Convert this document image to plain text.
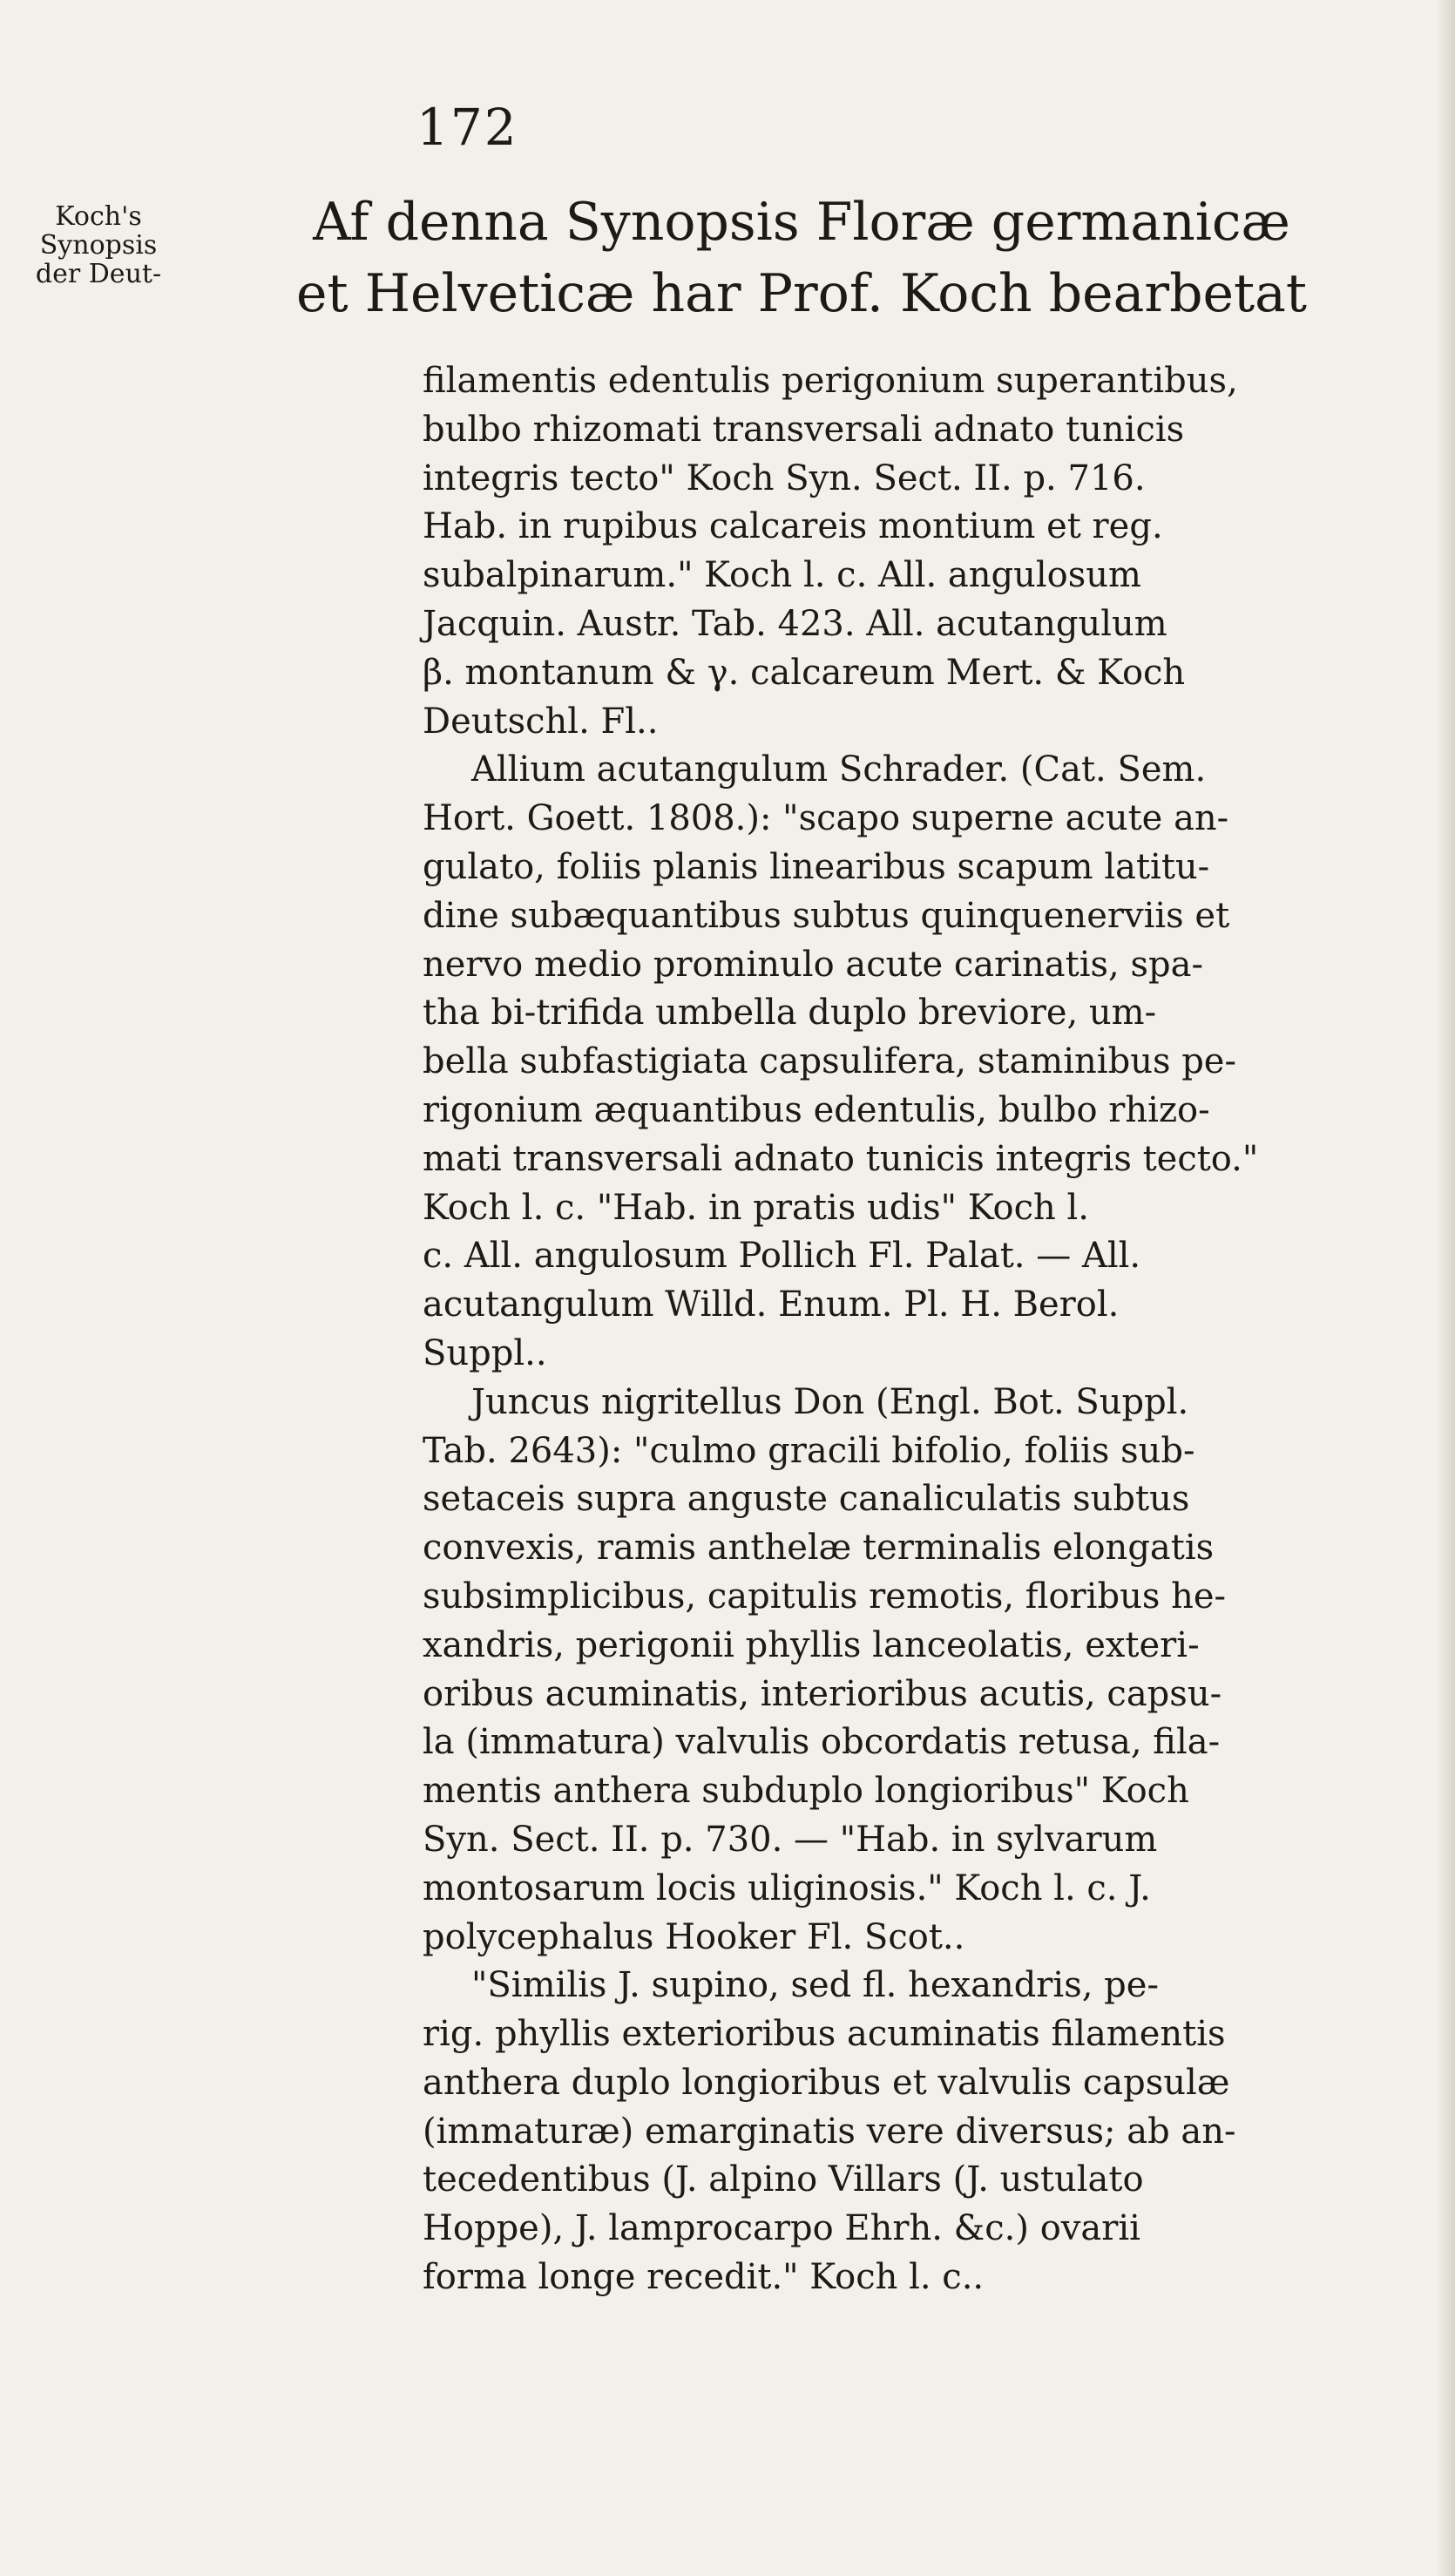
172
Koch's
Synopsis
der Deut-
Af denna Synopsis Floræ germanicæ
et Helveticæ har Prof. Koch bearbetat
filamentis edentulis perigonium superantibus,
bulbo rhizomati transversali adnato tunicis
integris tecto" Koch Syn. Sect. II. p. 716.
Hab. in rupibus calcareis montium et reg.
subalpinarum." Koch l. c. All. angulosum
Jacquin. Austr. Tab. 423. All. acutangulum
β. montanum & γ. calcareum Mert. & Koch
Deutschl. Fl..
Allium acutangulum Schrader. (Cat. Sem.
Hort. Goett. 1808.): "scapo superne acute an-
gulato, foliis planis linearibus scapum latitu-
dine subæquantibus subtus quinquenerviis et
nervo medio prominulo acute carinatis, spa-
tha bi-trifida umbella duplo breviore, um-
bella subfastigiata capsulifera, staminibus pe-
rigonium æquantibus edentulis, bulbo rhizo-
mati transversali adnato tunicis integris tecto."
Koch l. c. "Hab. in pratis udis" Koch l.
c. All. angulosum Pollich Fl. Palat. — All.
acutangulum Willd. Enum. Pl. H. Berol.
Suppl..
Juncus nigritellus Don (Engl. Bot. Suppl.
Tab. 2643): "culmo gracili bifolio, foliis sub-
setaceis supra anguste canaliculatis subtus
convexis, ramis anthelæ terminalis elongatis
subsimplicibus, capitulis remotis, floribus he-
xandris, perigonii phyllis lanceolatis, exteri-
oribus acuminatis, interioribus acutis, capsu-
la (immatura) valvulis obcordatis retusa, fila-
mentis anthera subduplo longioribus" Koch
Syn. Sect. II. p. 730. — "Hab. in sylvarum
montosarum locis uliginosis." Koch l. c. J.
polycephalus Hooker Fl. Scot..
"Similis J. supino, sed fl. hexandris, pe-
rig. phyllis exterioribus acuminatis filamentis
anthera duplo longioribus et valvulis capsulæ
(immaturæ) emarginatis vere diversus; ab an-
tecedentibus (J. alpino Villars (J. ustulato
Hoppe), J. lamprocarpo Ehrh. &c.) ovarii
forma longe recedit." Koch l. c..
